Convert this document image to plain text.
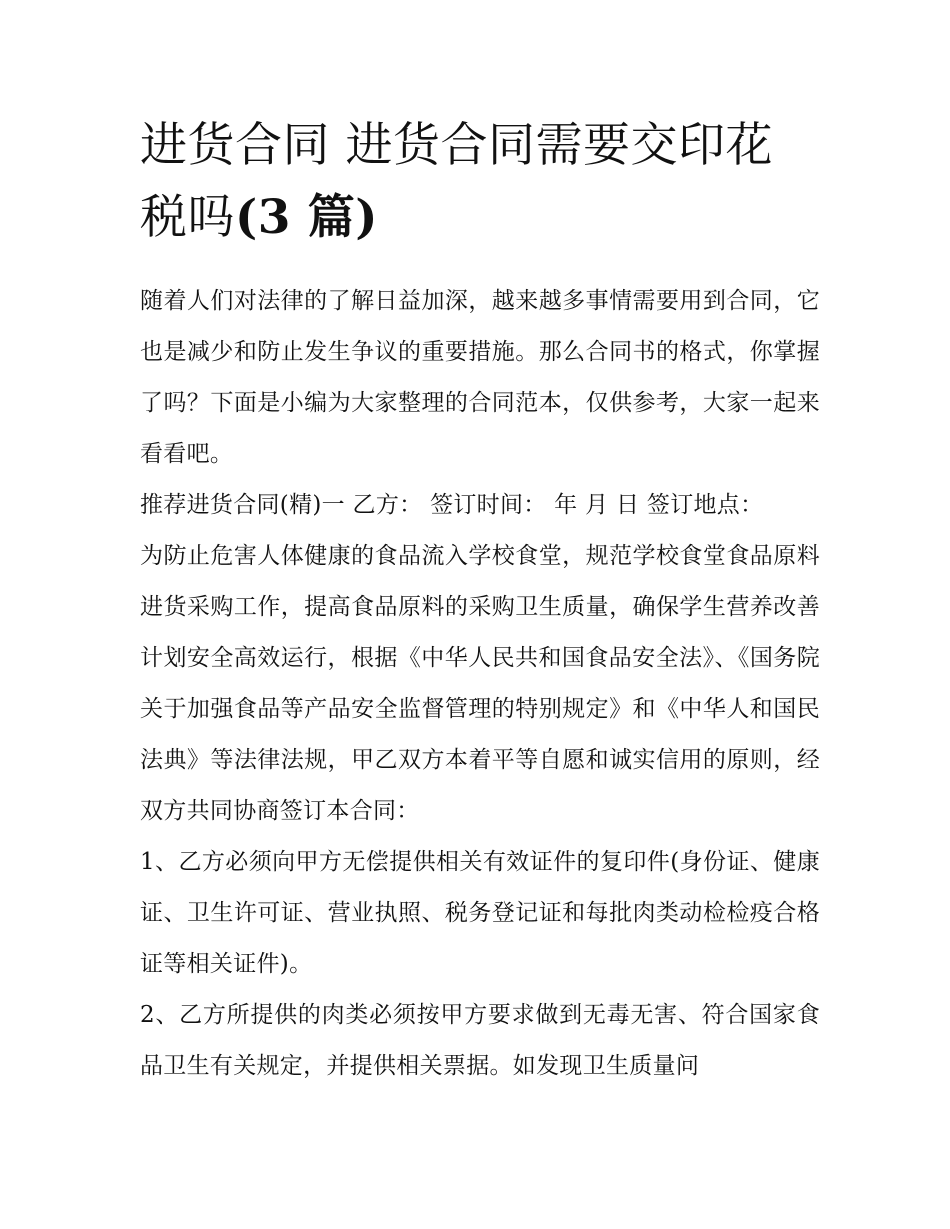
进货合同 进货合同需要交印花税吗(3 篇)

随着人们对法律的了解日益加深，越来越多事情需要用到合同，它也是减少和防止发生争议的重要措施。那么合同书的格式，你掌握了吗？下面是小编为大家整理的合同范本，仅供参考，大家一起来看看吧。

推荐进货合同(精)一 乙方： 签订时间： 年 月 日 签订地点：

为防止危害人体健康的食品流入学校食堂，规范学校食堂食品原料进货采购工作，提高食品原料的采购卫生质量，确保学生营养改善计划安全高效运行，根据《中华人民共和国食品安全法》、《国务院关于加强食品等产品安全监督管理的特别规定》和《中华人和国民法典》等法律法规，甲乙双方本着平等自愿和诚实信用的原则，经双方共同协商签订本合同：

1、乙方必须向甲方无偿提供相关有效证件的复印件(身份证、健康证、卫生许可证、营业执照、税务登记证和每批肉类动检检疫合格证等相关证件)。

2、乙方所提供的肉类必须按甲方要求做到无毒无害、符合国家食品卫生有关规定，并提供相关票据。如发现卫生质量问
